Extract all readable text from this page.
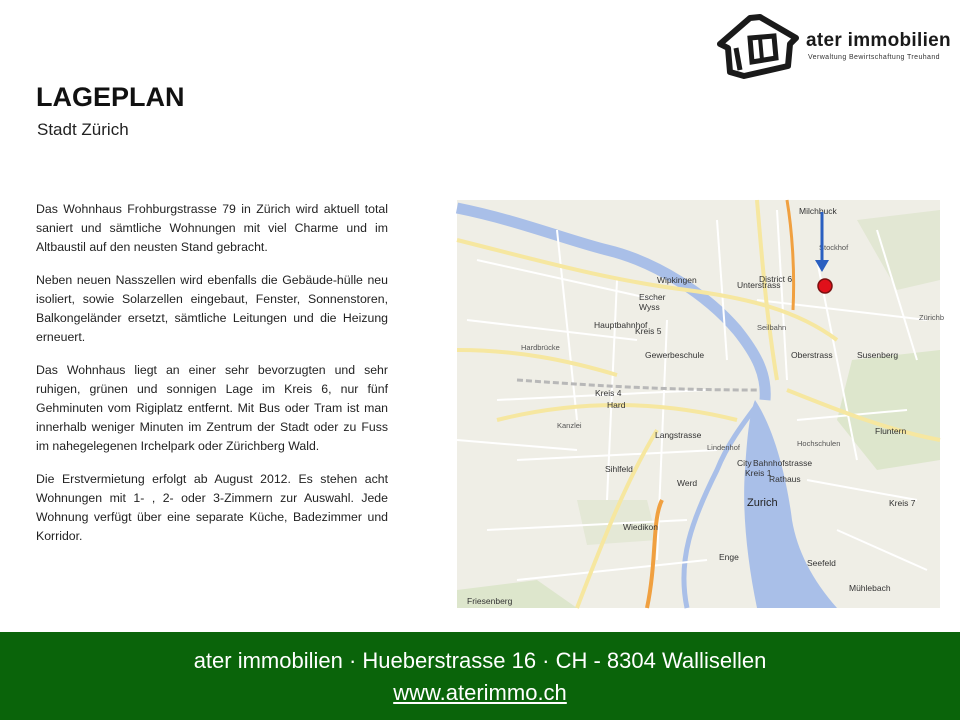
ater immobilien
Verwaltung Bewirtschaftung Treuhand
LAGEPLAN
Stadt Zürich

Das Wohnhaus Frohburgstrasse 79 in Zürich wird aktuell total saniert und sämtliche Wohnungen mit viel Charme und im Altbaustil auf den neusten Stand gebracht.

Neben neuen Nasszellen wird ebenfalls die Gebäude-hülle neu isoliert, sowie Solarzellen eingebaut, Fenster, Sonnenstoren, Balkongeländer ersetzt, sämtliche Leitungen und die Heizung erneuert.

Das Wohnhaus liegt an einer sehr bevorzugten und sehr ruhigen, grünen und sonnigen Lage im Kreis 6, nur fünf Gehminuten vom Rigiplatz entfernt. Mit Bus oder Tram ist man innerhalb weniger Minuten im Zentrum der Stadt oder zu Fuss im nahegelegenen Irchelpark oder Zürichberg Wald.

Die Erstvermietung erfolgt ab August 2012. Es stehen acht Wohnungen mit 1- , 2- oder 3-Zimmern zur Auswahl. Jede Wohnung verfügt über eine separate Küche, Badezimmer und Korridor.

Milchbuck
Wipkingen
Escher
Wyss
Unterstrass
District 6
Stockhof
Zürichb
Hauptbahnhof
Kreis 5
Gewerbeschule	Oberstrass	Susenberg
Kreis 4
Hard
Langstrasse	Fluntern
City Bahnhofstrasse
Kreis 1
Rathaus
Sihlfeld
Werd
Zurich
Wiedikon
Kreis 7
Seefeld
Mühlebach
Friesenberg
Enge
Lindenhof	Hochschulen
Seilbahn
Hardbrücke
Kanzlei
ater immobilien · Hueberstrasse 16 · CH - 8304 Wallisellen
www.aterimmo.ch
